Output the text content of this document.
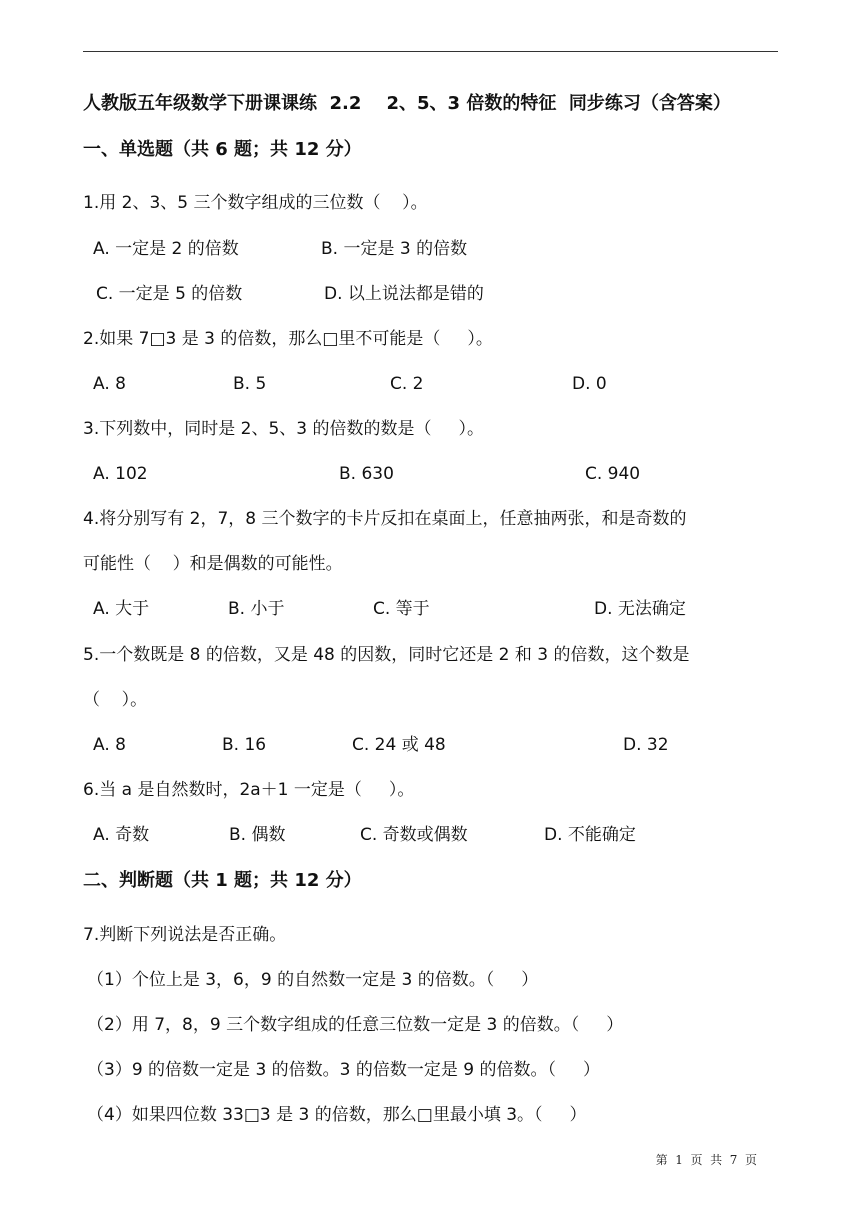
人教版五年级数学下册课课练  2.2    2、5、3 倍数的特征  同步练习（含答案）
一、单选题（共 6 题；共 12 分）
1.用 2、3、5 三个数字组成的三位数（    ）。
A. 一定是 2 的倍数	B. 一定是 3 的倍数
C. 一定是 5 的倍数	D. 以上说法都是错的
2.如果 7□3 是 3 的倍数，那么□里不可能是（     ）。
A. 8	B. 5	C. 2	D. 0
3.下列数中，同时是 2、5、3 的倍数的数是（     ）。
A. 102	B. 630	C. 940
4.将分别写有 2，7，8 三个数字的卡片反扣在桌面上，任意抽两张，和是奇数的
可能性（    ）和是偶数的可能性。
A. 大于	B. 小于	C. 等于	D. 无法确定
5.一个数既是 8 的倍数，又是 48 的因数，同时它还是 2 和 3 的倍数，这个数是
（    ）。
A. 8	B. 16	C. 24 或 48	D. 32
6.当 a 是自然数时，2a＋1 一定是（     ）。
A. 奇数	B. 偶数	C. 奇数或偶数	D. 不能确定
二、判断题（共 1 题；共 12 分）
7.判断下列说法是否正确。
（1）个位上是 3，6，9 的自然数一定是 3 的倍数。（     ）
（2）用 7，8，9 三个数字组成的任意三位数一定是 3 的倍数。（     ）
（3）9 的倍数一定是 3 的倍数。3 的倍数一定是 9 的倍数。（     ）
（4）如果四位数 33□3 是 3 的倍数，那么□里最小填 3。（     ）
第  1  页  共  7  页
